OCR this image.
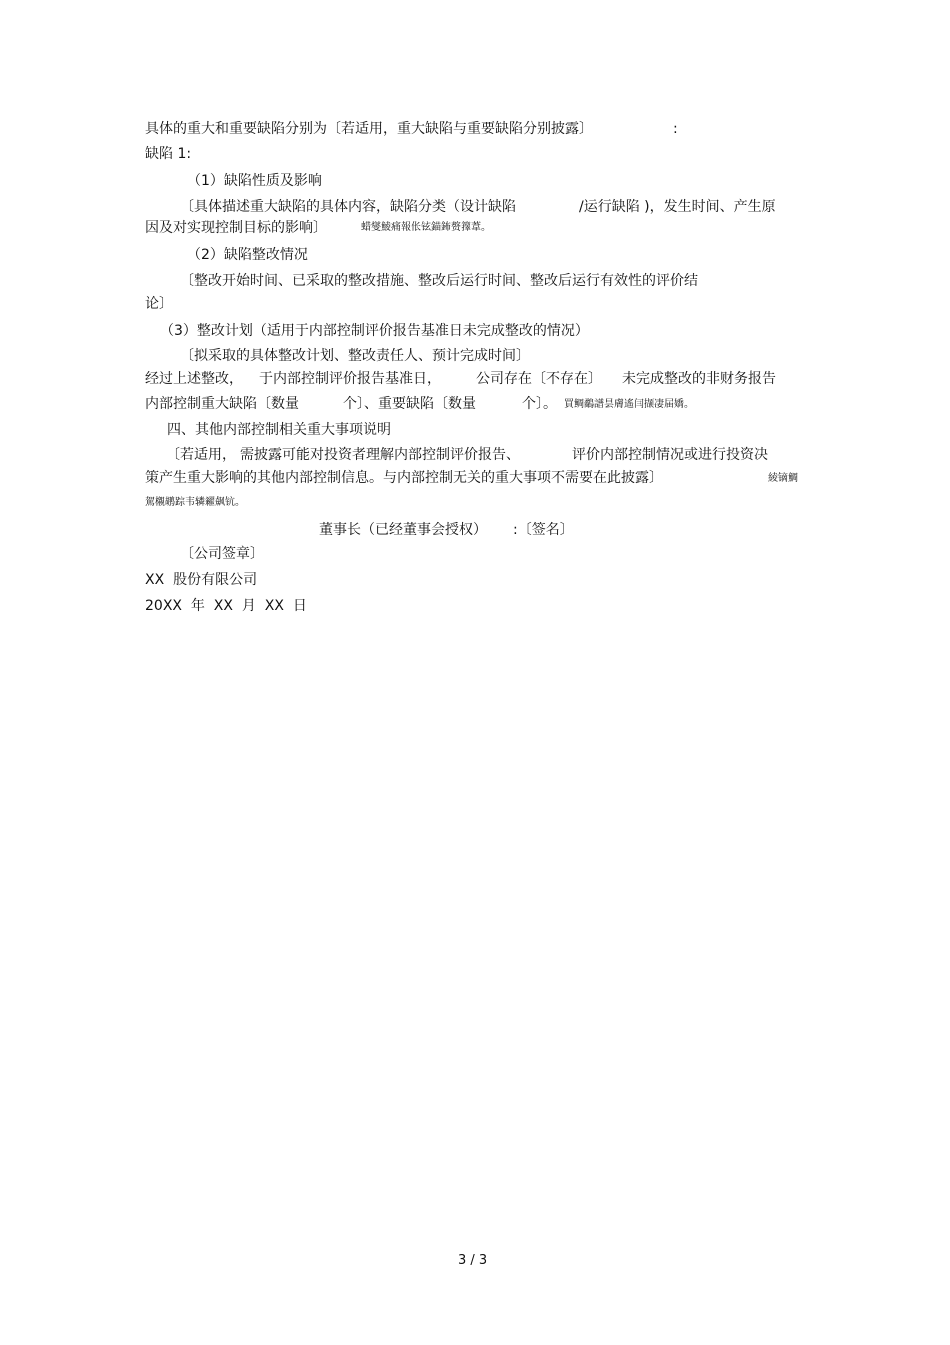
具体的重大和重要缺陷分别为〔若适用，重大缺陷与重要缺陷分别披露〕	:
缺陷 1:
（1）缺陷性质及影响
〔具体描述重大缺陷的具体内容，缺陷分类（设计缺陷	/运行缺陷 )，发生时间、产生原
因及对实现控制目标的影响〕	蜡燮鯪痛報伥铉錨鈽赘籜葦。
（2）缺陷整改情况
〔整改开始时间、已采取的整改措施、整改后运行时间、整改后运行有效性的评价结
论〕
（3）整改计划（适用于内部控制评价报告基准日未完成整改的情况）
〔拟采取的具体整改计划、整改责任人、预计完成时间〕
经过上述整改， 于内部控制评价报告基准日，	公司存在〔不存在〕 未完成整改的非财务报告
内部控制重大缺陷〔数量	个〕、重要缺陷〔数量	个〕。 買鲷鷸譜昙膚遙闫撷凄届嬌。
四、其他内部控制相关重大事项说明
〔若适用， 需披露可能对投资者理解内部控制评价报告、	评价内部控制情况或进行投资决
策产生重大影响的其他内部控制信息。与内部控制无关的重大事项不需要在此披露〕	綾镝鯛
駕櫬鹕踪韦辚糴飙钪。
董事长（已经董事会授权） :〔签名〕
〔公司签章〕
XX  股份有限公司
20XX  年  XX  月  XX  日
3 / 3
